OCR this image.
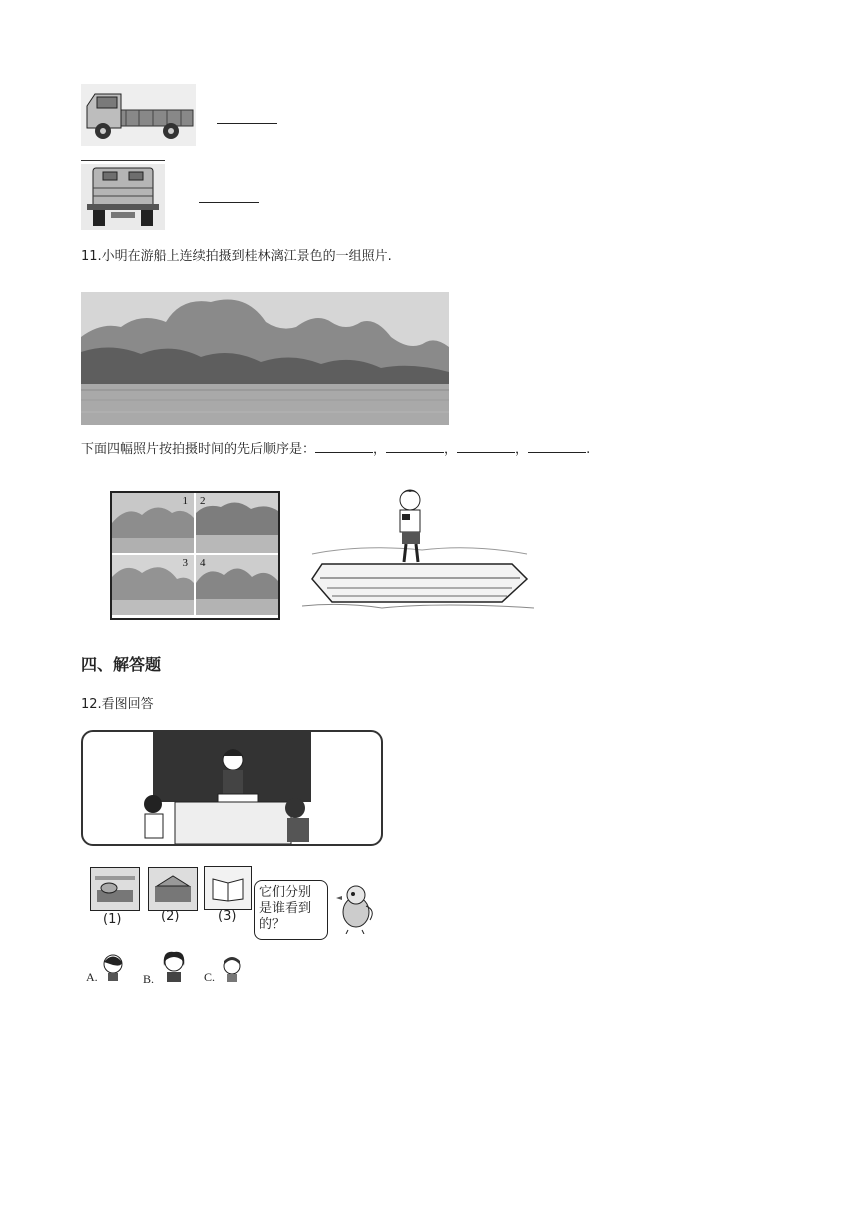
11.小明在游船上连续拍摄到桂林漓江景色的一组照片.
下面四幅照片按拍摄时间的先后顺序是：	，	，	，	.
1 2
3 4
四、解答题
12.看图回答
(1)	(2)	(3)
它们分别
是谁看到
的？
A.	B.	C.
